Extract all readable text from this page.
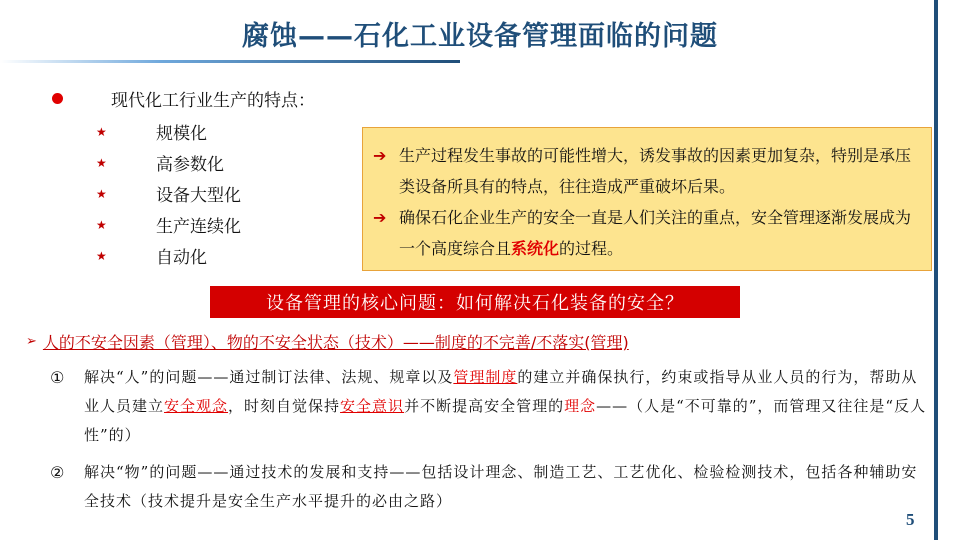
腐蚀——石化工业设备管理面临的问题
现代化工行业生产的特点：
★	规模化
★	高参数化
★	设备大型化
★	生产连续化
★	自动化
➔ 生产过程发生事故的可能性增大，诱发事故的因素更加复杂，特别是承压类设备所具有的特点，往往造成严重破坏后果。
➔ 确保石化企业生产的安全一直是人们关注的重点，安全管理逐渐发展成为一个高度综合且系统化的过程。
设备管理的核心问题：如何解决石化装备的安全？
➢ 人的不安全因素（管理）、物的不安全状态（技术）——制度的不完善/不落实(管理)
①	解决“人”的问题——通过制订法律、法规、规章以及管理制度的建立并确保执行，约束或指导从业人员的行为，帮助从业人员建立安全观念，时刻自觉保持安全意识并不断提高安全管理的理念——（人是“不可靠的”，而管理又往往是“反人性”的）
②	解决“物”的问题——通过技术的发展和支持——包括设计理念、制造工艺、工艺优化、检验检测技术，包括各种辅助安全技术（技术提升是安全生产水平提升的必由之路）
5
